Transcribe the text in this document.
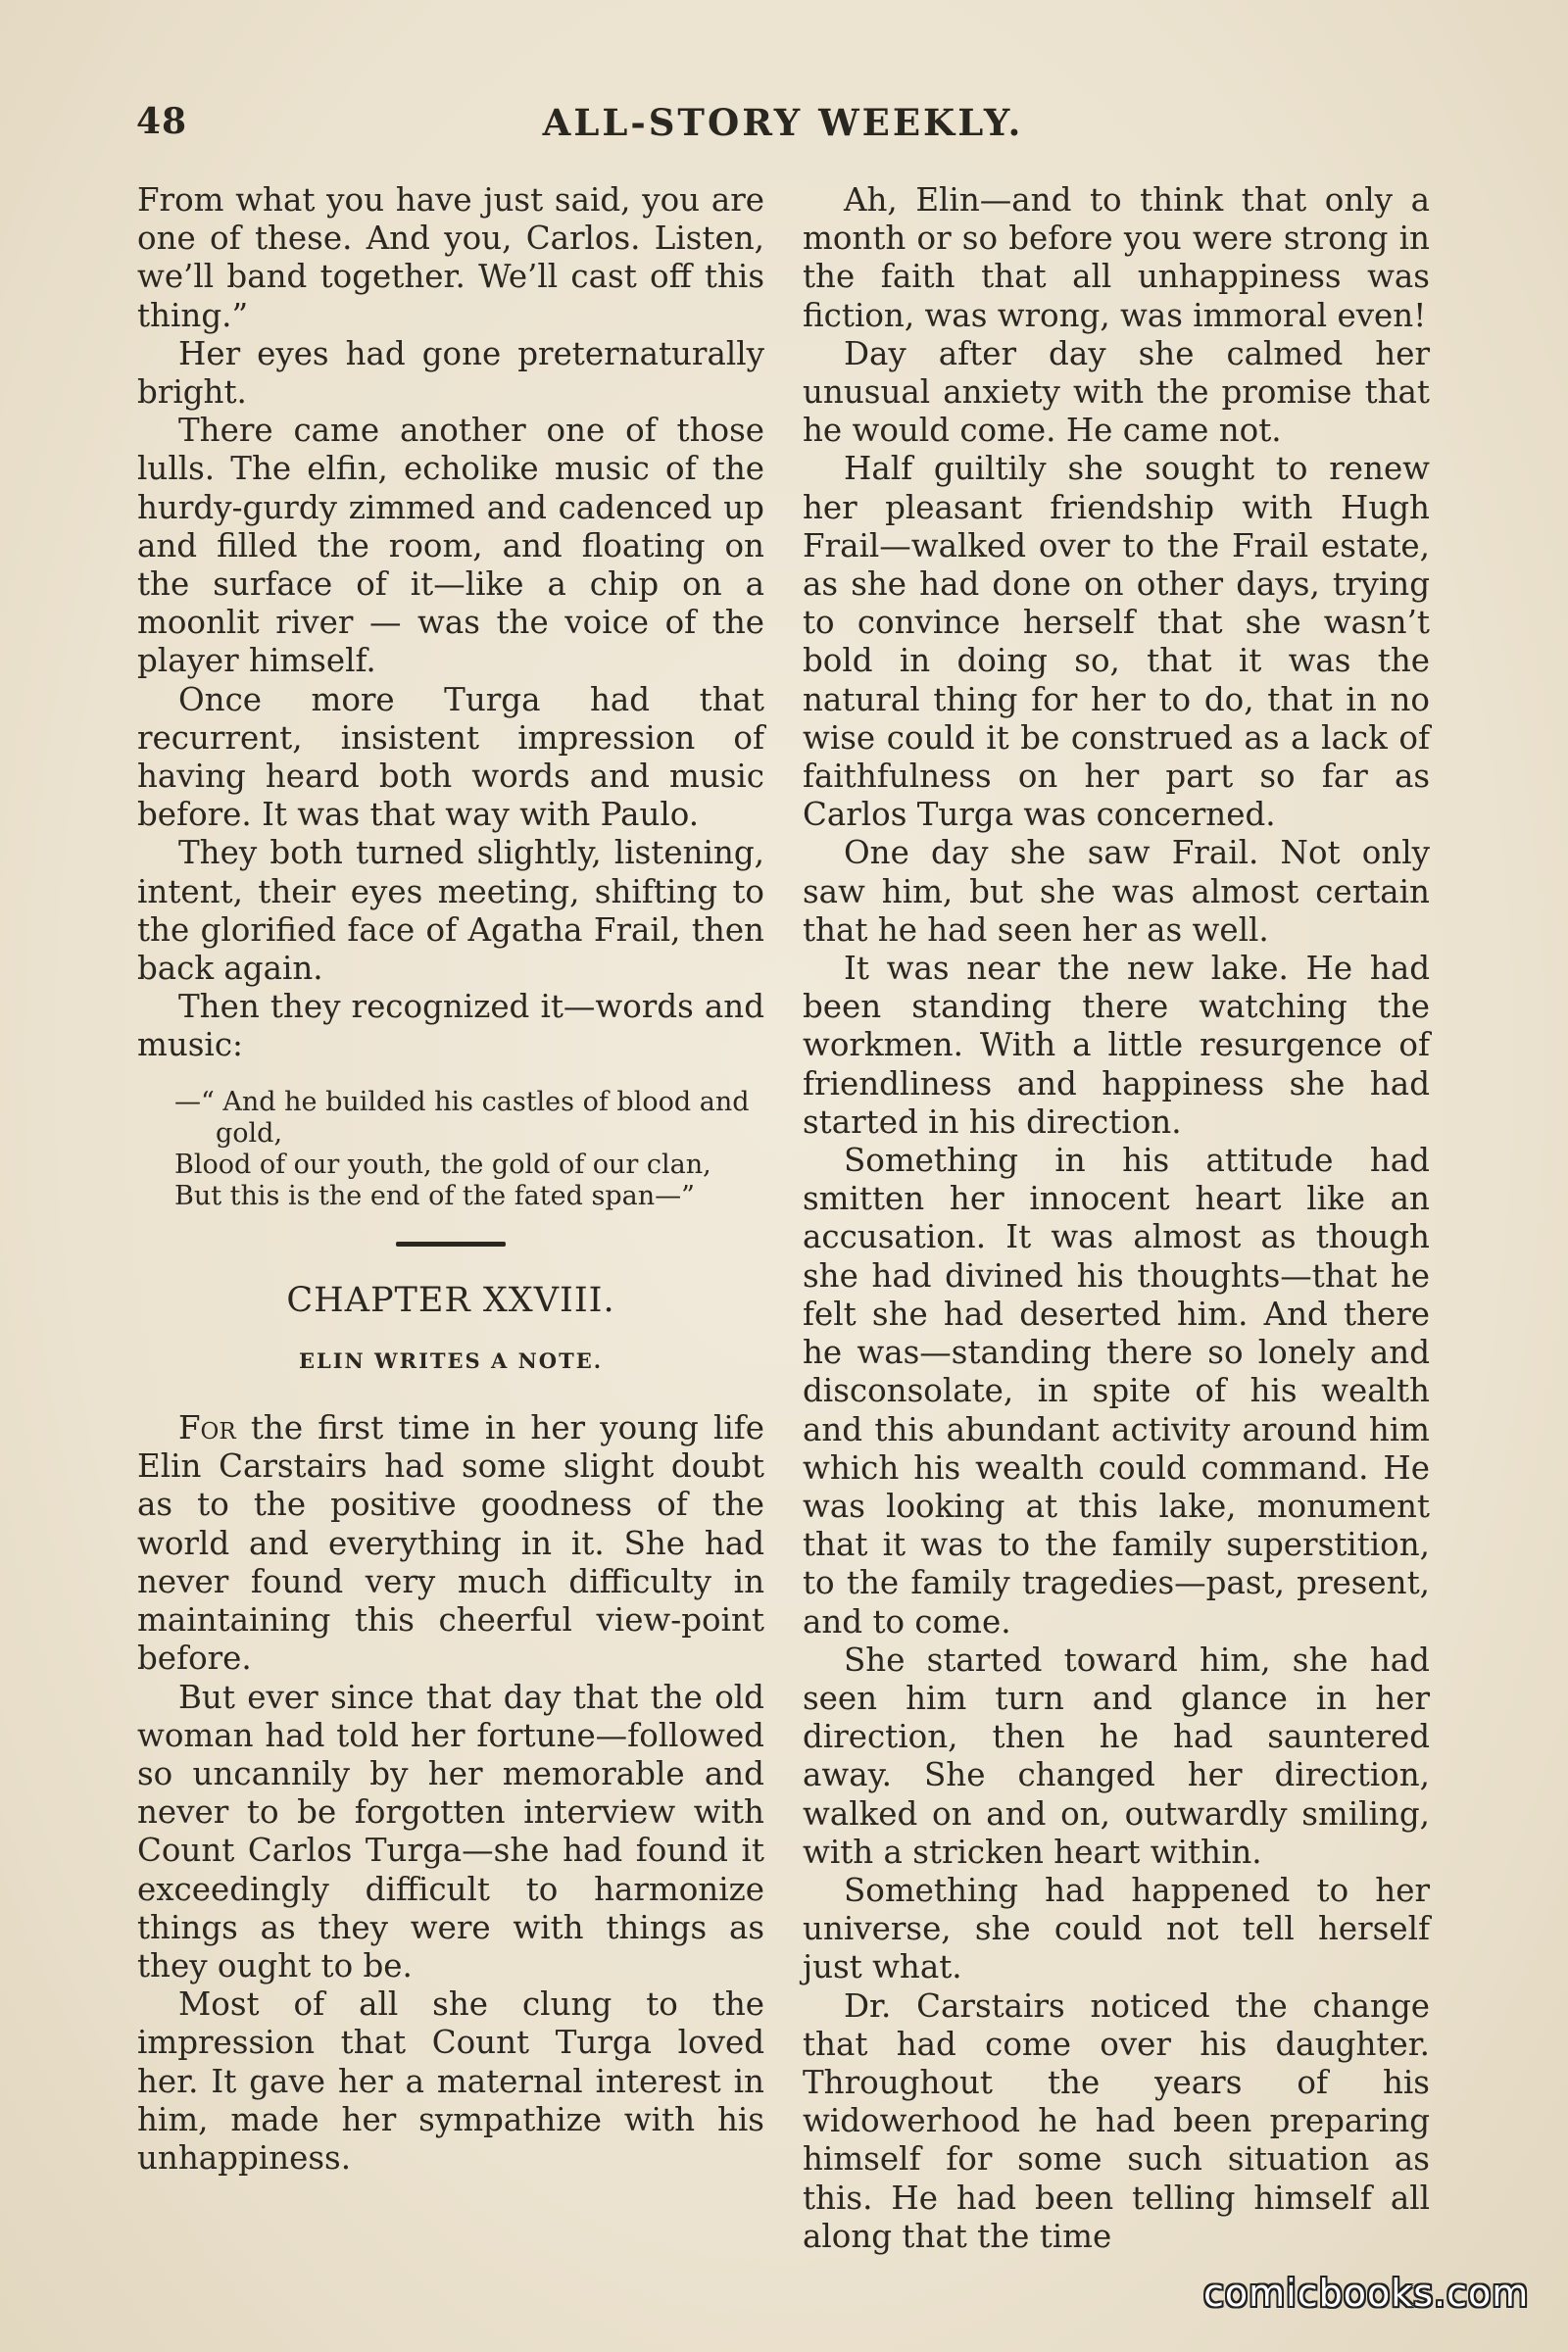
48	ALL-STORY WEEKLY.

From what you have just said, you are one of these. And you, Carlos. Listen, we’ll band together. We’ll cast off this thing.”

Her eyes had gone preternaturally bright.

There came another one of those lulls. The elfin, echolike music of the hurdy-gurdy zimmed and cadenced up and filled the room, and floating on the surface of it—like a chip on a moonlit river — was the voice of the player himself.

Once more Turga had that recurrent, insistent impression of having heard both words and music before. It was that way with Paulo.

They both turned slightly, listening, intent, their eyes meeting, shifting to the glorified face of Agatha Frail, then back again.

Then they recognized it—words and music:

—“ And he builded his castles of blood and gold,
Blood of our youth, the gold of our clan,
But this is the end of the fated span—”
CHAPTER XXVIII.
ELIN WRITES A NOTE.

For the first time in her young life Elin Carstairs had some slight doubt as to the positive goodness of the world and everything in it. She had never found very much difficulty in maintaining this cheerful view-point before.

But ever since that day that the old woman had told her fortune—followed so uncannily by her memorable and never to be forgotten interview with Count Carlos Turga—she had found it exceedingly difficult to harmonize things as they were with things as they ought to be.

Most of all she clung to the impression that Count Turga loved her. It gave her a maternal interest in him, made her sympathize with his unhappiness.

Ah, Elin—and to think that only a month or so before you were strong in the faith that all unhappiness was fiction, was wrong, was immoral even!

Day after day she calmed her unusual anxiety with the promise that he would come. He came not.

Half guiltily she sought to renew her pleasant friendship with Hugh Frail—walked over to the Frail estate, as she had done on other days, trying to convince herself that she wasn’t bold in doing so, that it was the natural thing for her to do, that in no wise could it be construed as a lack of faithfulness on her part so far as Carlos Turga was concerned.

One day she saw Frail. Not only saw him, but she was almost certain that he had seen her as well.

It was near the new lake. He had been standing there watching the workmen. With a little resurgence of friendliness and happiness she had started in his direction.

Something in his attitude had smitten her innocent heart like an accusation. It was almost as though she had divined his thoughts—that he felt she had deserted him. And there he was—standing there so lonely and disconsolate, in spite of his wealth and this abundant activity around him which his wealth could command. He was looking at this lake, monument that it was to the family superstition, to the family tragedies—past, present, and to come.

She started toward him, she had seen him turn and glance in her direction, then he had sauntered away. She changed her direction, walked on and on, outwardly smiling, with a stricken heart within.

Something had happened to her universe, she could not tell herself just what.

Dr. Carstairs noticed the change that had come over his daughter. Throughout the years of his widowerhood he had been preparing himself for some such situation as this. He had been telling himself all along that the time

comicbooks.com
